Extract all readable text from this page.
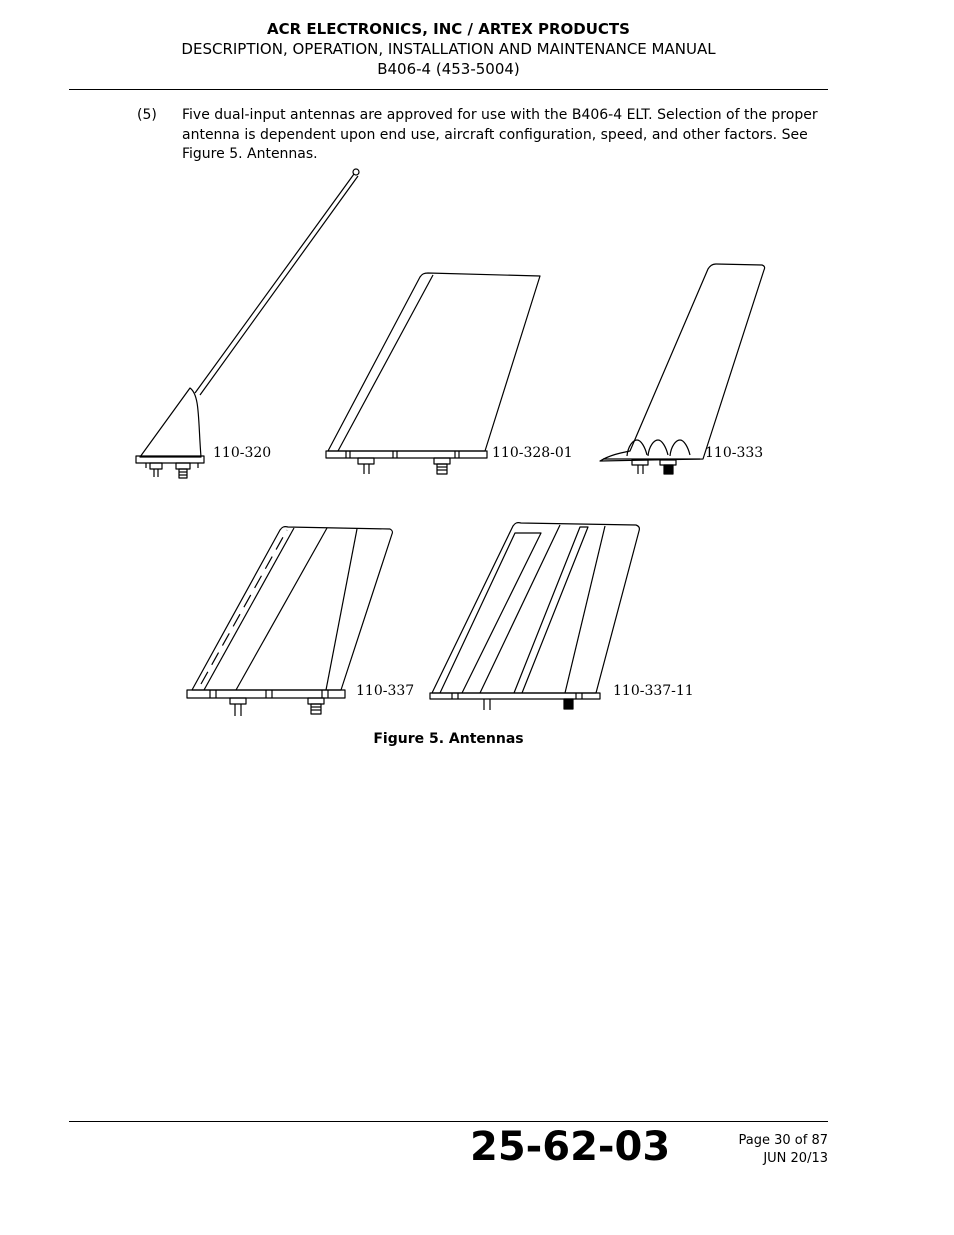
ACR ELECTRONICS, INC / ARTEX PRODUCTS
DESCRIPTION, OPERATION, INSTALLATION AND MAINTENANCE MANUAL
B406-4 (453-5004)
(5) Five dual-input antennas are approved for use with the B406-4 ELT. Selection of the proper antenna is dependent upon end use, aircraft configuration, speed, and other factors. See Figure 5. Antennas.
110-320	110-328-01	110-333
110-337	110-337-11
Figure 5. Antennas
25-62-03	Page 30 of 87
JUN 20/13
